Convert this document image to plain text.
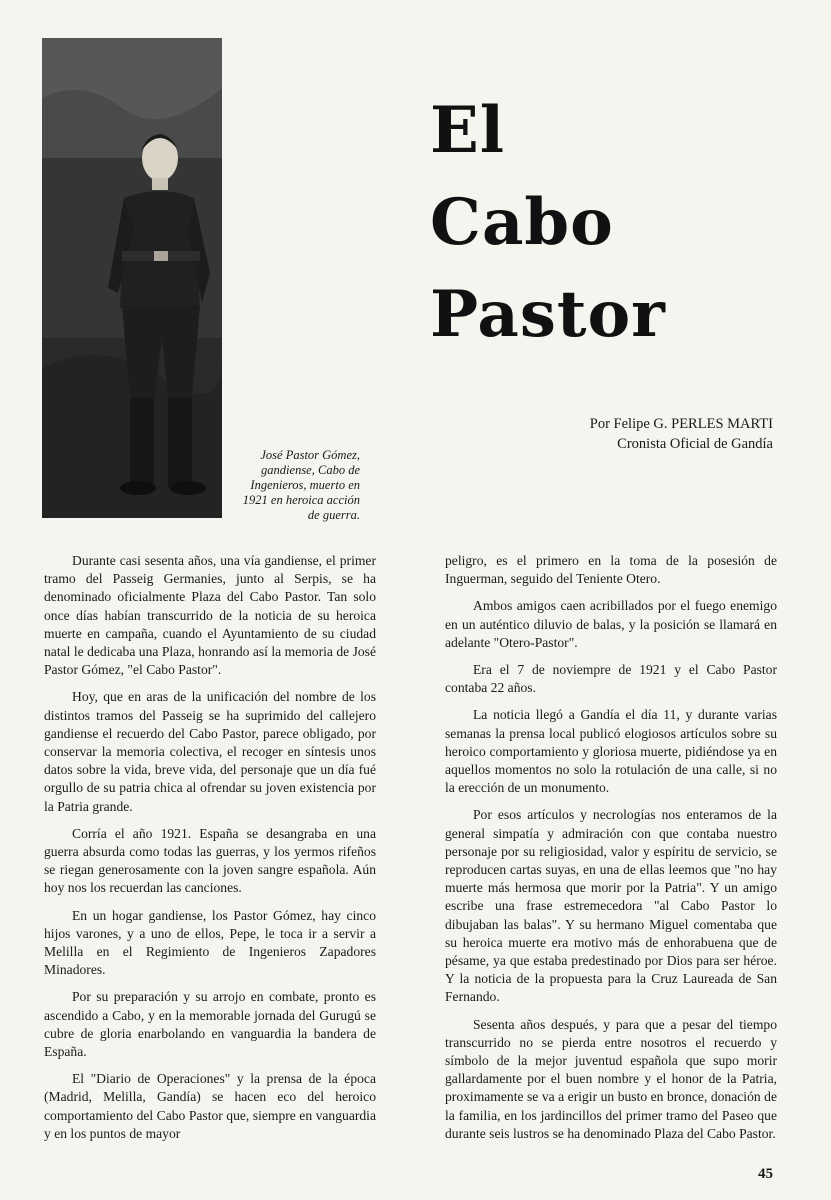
José Pastor Gómez, gandiense, Cabo de Ingenieros, muerto en 1921 en heroica acción de guerra.
El
Cabo
Pastor
Por Felipe G. PERLES MARTI
Cronista Oficial de Gandía

Durante casi sesenta años, una vía gandiense, el primer tramo del Passeig Germanies, junto al Serpis, se ha denominado oficialmente Plaza del Cabo Pastor. Tan solo once días habían transcurrido de la noticia de su heroica muerte en campaña, cuando el Ayuntamiento de su ciudad natal le dedicaba una Plaza, honrando así la memoria de José Pastor Gómez, "el Cabo Pastor".

Hoy, que en aras de la unificación del nombre de los distintos tramos del Passeig se ha suprimido del callejero gandiense el recuerdo del Cabo Pastor, parece obligado, por conservar la memoria colectiva, el recoger en síntesis unos datos sobre la vida, breve vida, del personaje que un día fué orgullo de su patria chica al ofrendar su joven existencia por la Patria grande.

Corría el año 1921. España se desangraba en una guerra absurda como todas las guerras, y los yermos rifeños se riegan generosamente con la joven sangre española. Aún hoy nos los recuerdan las canciones.

En un hogar gandiense, los Pastor Gómez, hay cinco hijos varones, y a uno de ellos, Pepe, le toca ir a servir a Melilla en el Regimiento de Ingenieros Zapadores Minadores.

Por su preparación y su arrojo en combate, pronto es ascendido a Cabo, y en la memorable jornada del Gurugú se cubre de gloria enarbolando en vanguardia la bandera de España.

El "Diario de Operaciones" y la prensa de la época (Madrid, Melilla, Gandía) se hacen eco del heroico comportamiento del Cabo Pastor que, siempre en vanguardia y en los puntos de mayor

peligro, es el primero en la toma de la posesión de Inguerman, seguido del Teniente Otero.

Ambos amigos caen acribillados por el fuego enemigo en un auténtico diluvio de balas, y la posición se llamará en adelante "Otero-Pastor".

Era el 7 de noviempre de 1921 y el Cabo Pastor contaba 22 años.

La noticia llegó a Gandía el día 11, y durante varias semanas la prensa local publicó elogiosos artículos sobre su heroico comportamiento y gloriosa muerte, pidiéndose ya en aquellos momentos no solo la rotulación de una calle, si no la erección de un monumento.

Por esos artículos y necrologías nos enteramos de la general simpatía y admiración con que contaba nuestro personaje por su religiosidad, valor y espíritu de servicio, se reproducen cartas suyas, en una de ellas leemos que "no hay muerte más hermosa que morir por la Patria". Y un amigo escribe una frase estremecedora "al Cabo Pastor lo dibujaban las balas". Y su hermano Miguel comentaba que su heroica muerte era motivo más de enhorabuena que de pésame, ya que estaba predestinado por Dios para ser héroe. Y la noticia de la propuesta para la Cruz Laureada de San Fernando.

Sesenta años después, y para que a pesar del tiempo transcurrido no se pierda entre nosotros el recuerdo y símbolo de la mejor juventud española que supo morir gallardamente por el buen nombre y el honor de la Patria, proximamente se va a erigir un busto en bronce, donación de la familia, en los jardincillos del primer tramo del Paseo que durante seis lustros se ha denominado Plaza del Cabo Pastor.

45
